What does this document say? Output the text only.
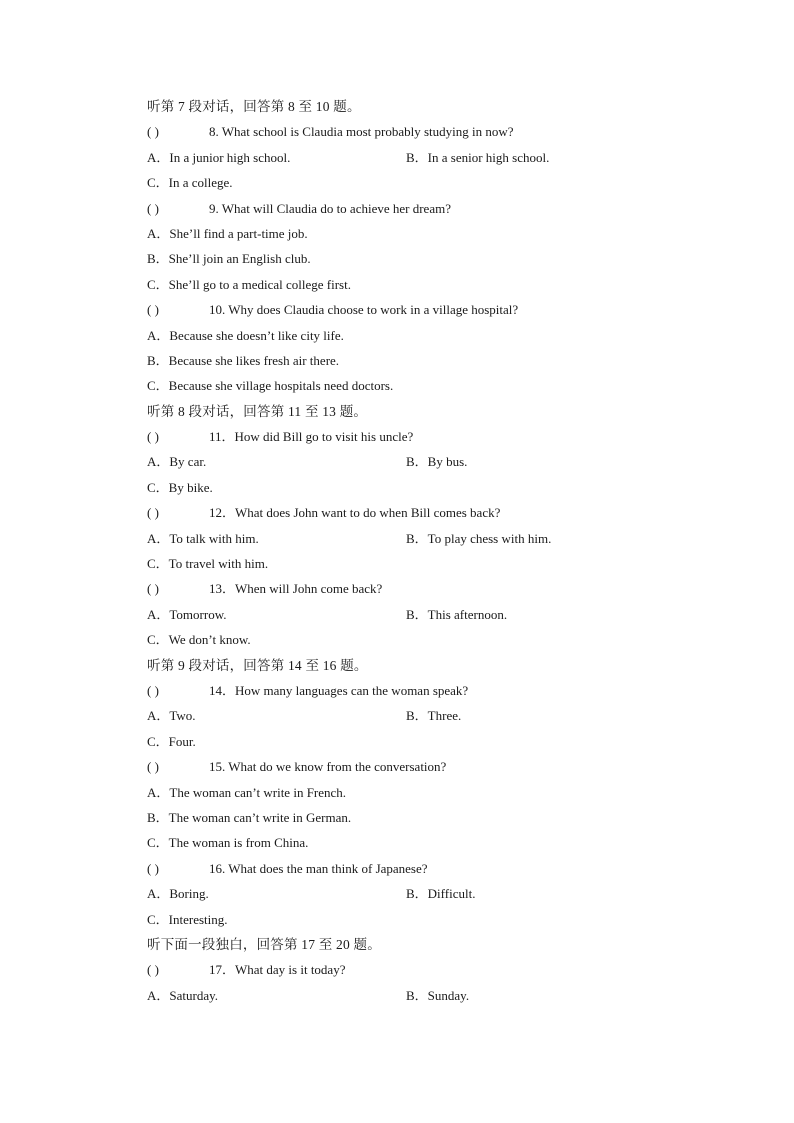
听第 7 段对话，回答第 8 至 10 题。
( )	8. What school is Claudia most probably studying in now?
A．In a junior high school.	B．In a senior high school.
C．In a college.
( )	9. What will Claudia do to achieve her dream?
A．She’ll find a part-time job.
B．She’ll join an English club.
C．She’ll go to a medical college first.
( )	10. Why does Claudia choose to work in a village hospital?
A．Because she doesn’t like city life.
B．Because she likes fresh air there.
C．Because she village hospitals need doctors.
听第 8 段对话，回答第 11 至 13 题。
( )	11．How did Bill go to visit his uncle?
A．By car.	B．By bus.
C．By bike.
( )	12．What does John want to do when Bill comes back?
A．To talk with him.	B．To play chess with him.
C．To travel with him.
( )	13．When will John come back?
A．Tomorrow.	B．This afternoon.
C．We don’t know.
听第 9 段对话，回答第 14 至 16 题。
( )	14．How many languages can the woman speak?
A．Two.	B．Three.
C．Four.
( )	15. What do we know from the conversation?
A．The woman can’t write in French.
B．The woman can’t write in German.
C．The woman is from China.
( )	16. What does the man think of Japanese?
A．Boring.	B．Difficult.
C．Interesting.
听下面一段独白，回答第 17 至 20 题。
( )	17．What day is it today?
A．Saturday.	B．Sunday.
